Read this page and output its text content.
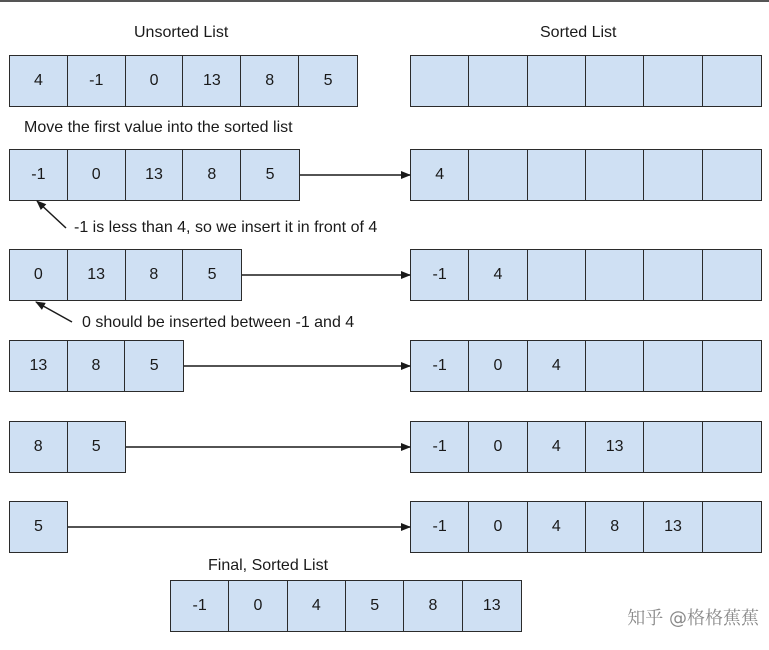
Unsorted List	Sorted List
Move the first value into the sorted list
-1 is less than 4, so we insert it in front of 4
0 should be inserted between -1 and 4
Final, Sorted List
4	-1	0	13	8	5
-1	0	13	8	5	4
0	13	8	5	-1	4
13	8	5	-1	0	4
8	5	-1	0	4	13
5	-1	0	4	8	13
-1	0	4	5	8	13
知乎 @格格蕉蕉
